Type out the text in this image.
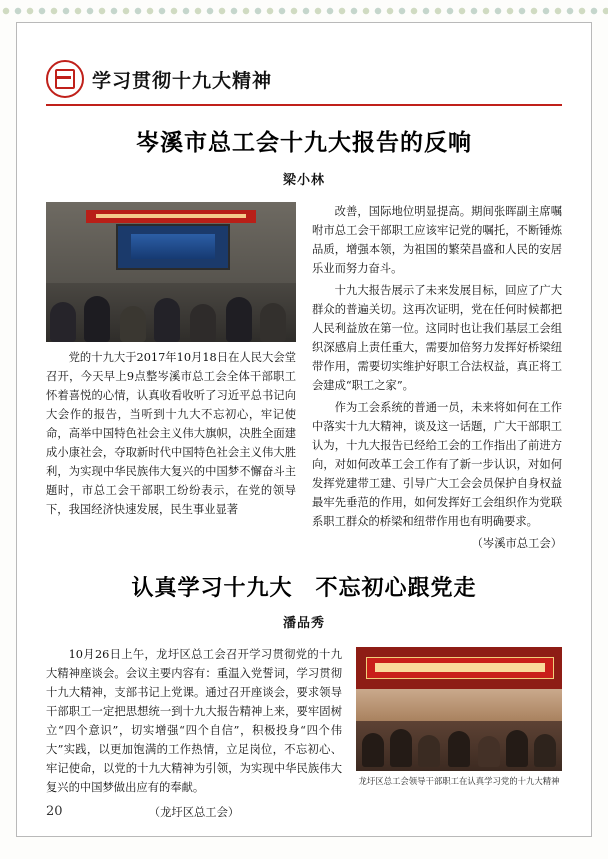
学习贯彻十九大精神
岑溪市总工会十九大报告的反响
梁小林

党的十九大于2017年10月18日在人民大会堂召开，今天早上9点整岑溪市总工会全体干部职工怀着喜悦的心情，认真收看收听了习近平总书记向大会作的报告，当听到十九大不忘初心，牢记使命，高举中国特色社会主义伟大旗帜，决胜全面建成小康社会，夺取新时代中国特色社会主义伟大胜利，为实现中华民族伟大复兴的中国梦不懈奋斗主题时，市总工会干部职工纷纷表示，在党的领导下，我国经济快速发展，民生事业显著

改善，国际地位明显提高。期间张晖副主席嘱咐市总工会干部职工应该牢记党的嘱托，不断锤炼品质，增强本领，为祖国的繁荣昌盛和人民的安居乐业而努力奋斗。

十九大报告展示了未来发展目标，回应了广大群众的普遍关切。这再次证明，党在任何时候都把人民利益放在第一位。这同时也让我们基层工会组织深感肩上责任重大，需要加倍努力发挥好桥梁纽带作用，需要切实维护好职工合法权益，真正将工会建成“职工之家”。

作为工会系统的普通一员，未来将如何在工作中落实十九大精神，谈及这一话题，广大干部职工认为，十九大报告已经给工会的工作指出了前进方向，对如何改革工会工作有了新一步认识，对如何发挥党建带工建、引导广大工会会员保护自身权益最牢先垂范的作用，如何发挥好工会组织作为党联系职工群众的桥梁和纽带作用也有明确要求。

（岑溪市总工会）
认真学习十九大　不忘初心跟党走
潘品秀

10月26日上午，龙圩区总工会召开学习贯彻党的十九大精神座谈会。会议主要内容有：重温入党誓词，学习贯彻十九大精神，支部书记上党课。通过召开座谈会，要求领导干部职工一定把思想统一到十九大报告精神上来，要牢固树立“四个意识”，切实增强“四个自信”，积极投身“四个伟大”实践，以更加饱满的工作热情，立足岗位，不忘初心、牢记使命，以党的十九大精神为引领，为实现中华民族伟大复兴的中国梦做出应有的奉献。

（龙圩区总工会）
龙圩区总工会领导干部职工在认真学习党的十九大精神
20
